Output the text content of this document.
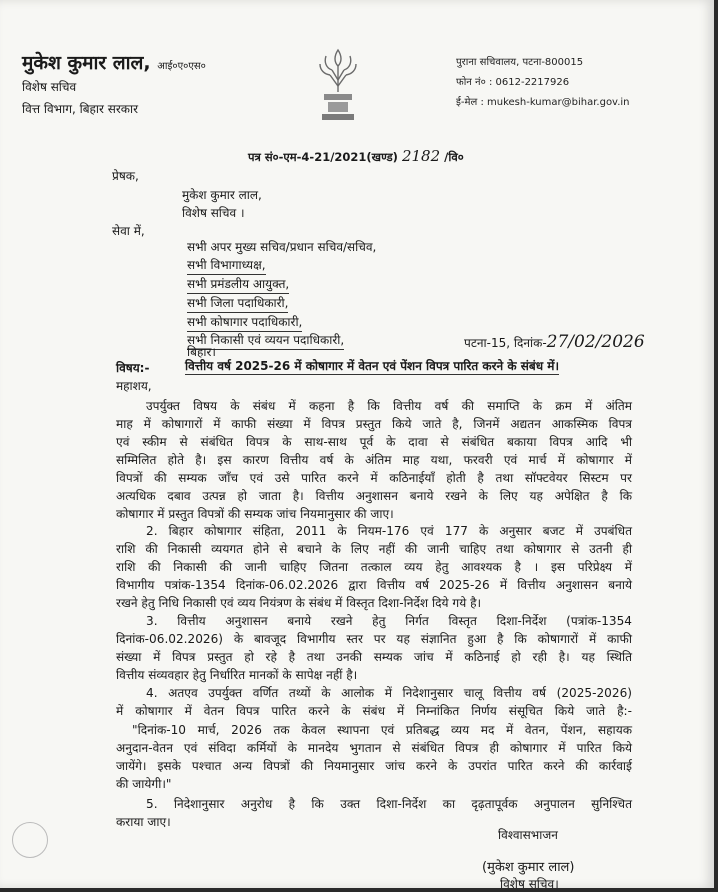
मुकेश कुमार लाल, आई०ए०एस०
विशेष सचिव
वित्त विभाग, बिहार सरकार
पुराना सचिवालय, पटना-800015
फोन नं० : 0612-2217926
ई-मेल : mukesh-kumar@bihar.gov.in
पत्र सं०-एम-4-21/2021(खण्ड) 2182 /वि०
प्रेषक,
मुकेश कुमार लाल,
विशेष सचिव ।
सेवा में,
सभी अपर मुख्य सचिव/प्रधान सचिव/सचिव,
सभी विभागाध्यक्ष,
सभी प्रमंडलीय आयुक्त,
सभी जिला पदाधिकारी,
सभी कोषागार पदाधिकारी,
सभी निकासी एवं व्ययन पदाधिकारी,
बिहार।
पटना-15, दिनांक-27/02/2026
विषय:-	वित्तीय वर्ष 2025-26 में कोषागार में वेतन एवं पेंशन विपत्र पारित करने के संबंध में।
महाशय,
उपर्युक्त विषय के संबंध में कहना है कि वित्तीय वर्ष की समाप्ति के क्रम में अंतिम
माह में कोषागारों में काफी संख्या में विपत्र प्रस्तुत किये जाते है, जिनमें अद्यतन आकस्मिक विपत्र
एवं स्कीम से संबंधित विपत्र के साथ-साथ पूर्व के दावा से संबंधित बकाया विपत्र आदि भी
सम्मिलित होते है। इस कारण वित्तीय वर्ष के अंतिम माह यथा, फरवरी एवं मार्च में कोषागार में
विपत्रों की सम्यक जाँच एवं उसे पारित करने में कठिनाईयाँ होती है तथा सॉफ्टवेयर सिस्टम पर
अत्यधिक दबाव उत्पन्न हो जाता है। वित्तीय अनुशासन बनाये रखने के लिए यह अपेक्षित है कि
कोषागार में प्रस्तुत विपत्रों की सम्यक जांच नियमानुसार की जाए।
2. बिहार कोषागार संहिता, 2011 के नियम-176 एवं 177 के अनुसार बजट में उपबंधित
राशि की निकासी व्ययगत होने से बचाने के लिए नहीं की जानी चाहिए तथा कोषागार से उतनी ही
राशि की निकासी की जानी चाहिए जितना तत्काल व्यय हेतु आवश्यक है । इस परिप्रेक्ष्य में
विभागीय पत्रांक-1354 दिनांक-06.02.2026 द्वारा वित्तीय वर्ष 2025-26 में वित्तीय अनुशासन बनाये
रखने हेतु निधि निकासी एवं व्यय नियंत्रण के संबंध में विस्तृत दिशा-निर्देश दिये गये है।
3. वित्तीय अनुशासन बनाये रखने हेतु निर्गत विस्तृत दिशा-निर्देश (पत्रांक-1354
दिनांक-06.02.2026) के बावजूद विभागीय स्तर पर यह संज्ञानित हुआ है कि कोषागारों में काफी
संख्या में विपत्र प्रस्तुत हो रहे है तथा उनकी सम्यक जांच में कठिनाई हो रही है। यह स्थिति
वित्तीय संव्यवहार हेतु निर्धारित मानकों के सापेक्ष नहीं है।
4. अतएव उपर्युक्त वर्णित तथ्यों के आलोक में निदेशानुसार चालू वित्तीय वर्ष (2025-2026)
में कोषागार में वेतन विपत्र पारित करने के संबंध में निम्नांकित निर्णय संसूचित किये जाते है:-
"दिनांक-10 मार्च, 2026 तक केवल स्थापना एवं प्रतिबद्ध व्यय मद में वेतन, पेंशन, सहायक
अनुदान-वेतन एवं संविदा कर्मियों के मानदेय भुगतान से संबंधित विपत्र ही कोषागार में पारित किये
जायेंगे। इसके पश्चात अन्य विपत्रों की नियमानुसार जांच करने के उपरांत पारित करने की कार्रवाई
की जायेगी।"
5. निदेशानुसार अनुरोध है कि उक्त दिशा-निर्देश का दृढ़तापूर्वक अनुपालन सुनिश्चित
कराया जाए।
विश्वासभाजन
(मुकेश कुमार लाल)
विशेष सचिव।
